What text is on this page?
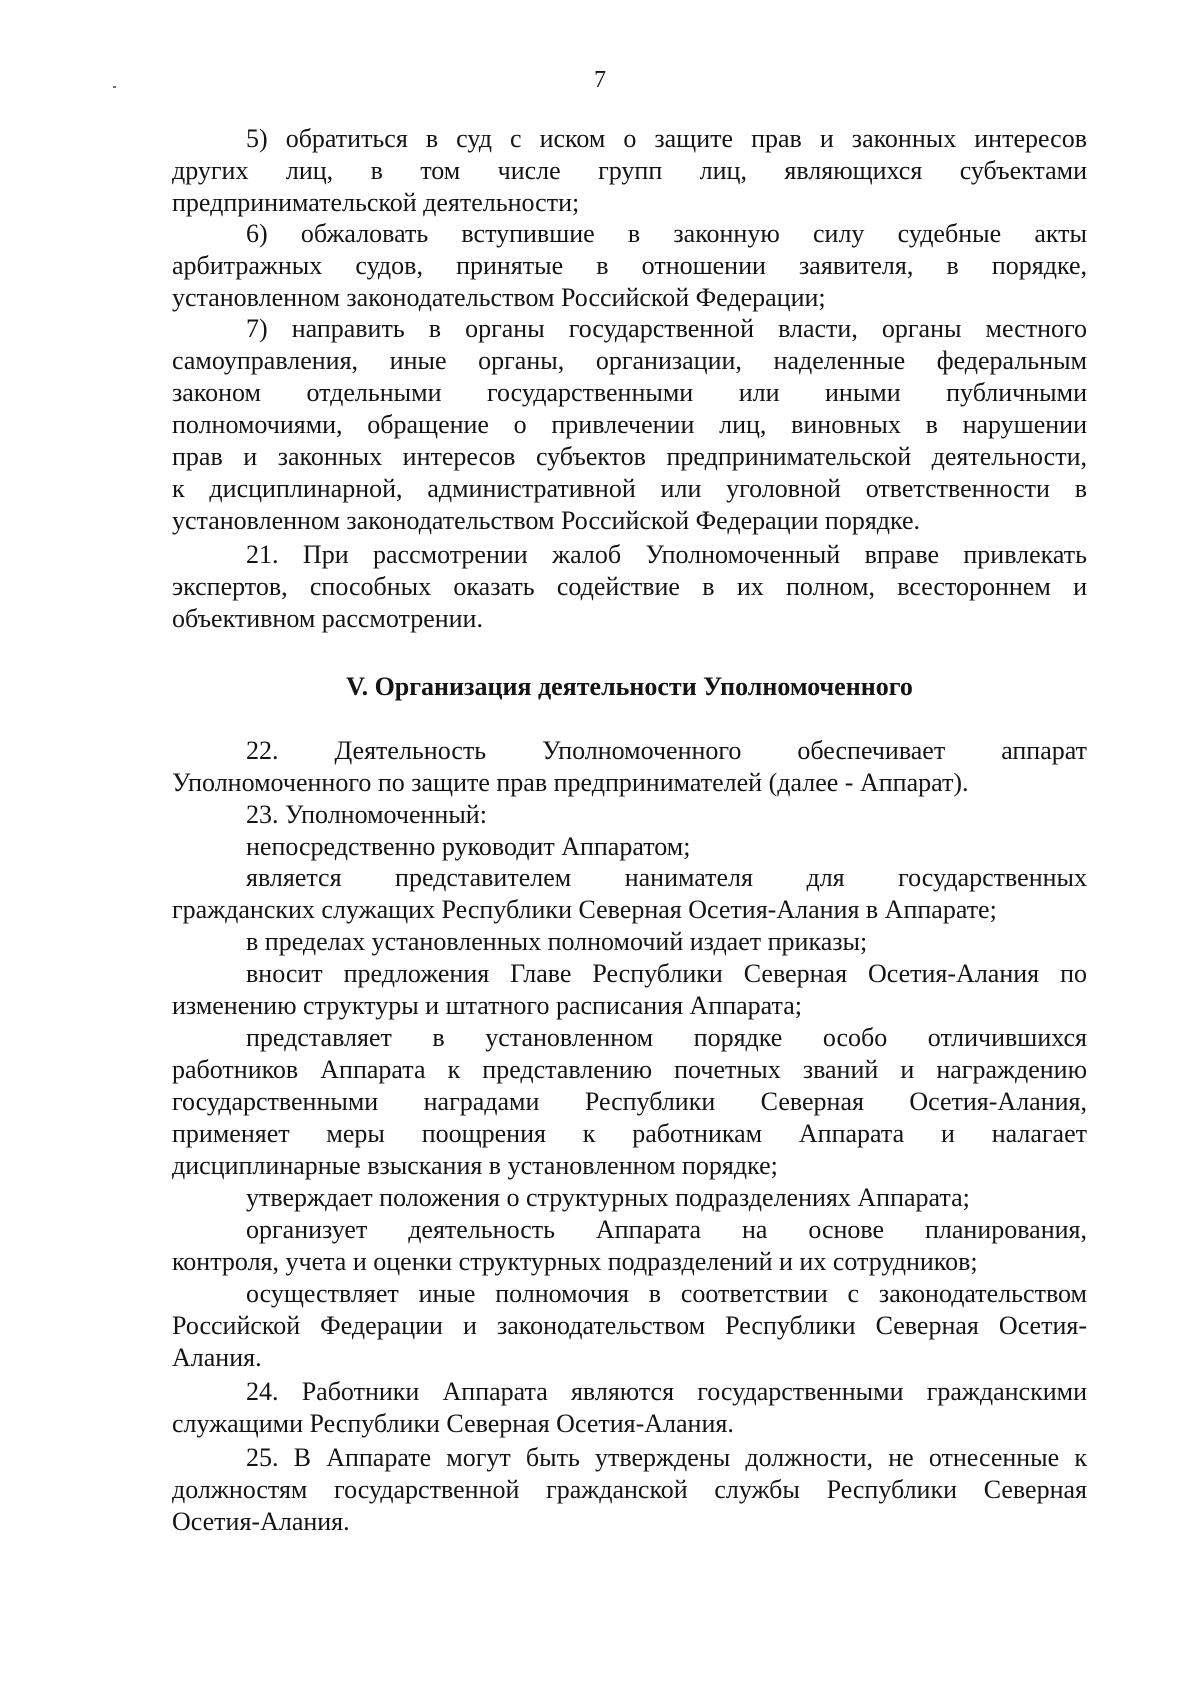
7
5) обратиться в суд с иском о защите прав и законных интересов
других лиц, в том числе групп лиц, являющихся субъектами
предпринимательской деятельности;
6) обжаловать вступившие в законную силу судебные акты
арбитражных судов, принятые в отношении заявителя, в порядке,
установленном законодательством Российской Федерации;
7) направить в органы государственной власти, органы местного
самоуправления, иные органы, организации, наделенные федеральным
законом отдельными государственными или иными публичными
полномочиями, обращение о привлечении лиц, виновных в нарушении
прав и законных интересов субъектов предпринимательской деятельности,
к дисциплинарной, административной или уголовной ответственности в
установленном законодательством Российской Федерации порядке.
21. При рассмотрении жалоб Уполномоченный вправе привлекать
экспертов, способных оказать содействие в их полном, всестороннем и
объективном рассмотрении.
V. Организация деятельности Уполномоченного
22. Деятельность Уполномоченного обеспечивает аппарат
Уполномоченного по защите прав предпринимателей (далее - Аппарат).
23. Уполномоченный:
непосредственно руководит Аппаратом;
является представителем нанимателя для государственных
гражданских служащих Республики Северная Осетия-Алания в Аппарате;
в пределах установленных полномочий издает приказы;
вносит предложения Главе Республики Северная Осетия-Алания по
изменению структуры и штатного расписания Аппарата;
представляет в установленном порядке особо отличившихся
работников Аппарата к представлению почетных званий и награждению
государственными наградами Республики Северная Осетия-Алания,
применяет меры поощрения к работникам Аппарата и налагает
дисциплинарные взыскания в установленном порядке;
утверждает положения о структурных подразделениях Аппарата;
организует деятельность Аппарата на основе планирования,
контроля, учета и оценки структурных подразделений и их сотрудников;
осуществляет иные полномочия в соответствии с законодательством
Российской Федерации и законодательством Республики Северная Осетия-
Алания.
24. Работники Аппарата являются государственными гражданскими
служащими Республики Северная Осетия-Алания.
25. В Аппарате могут быть утверждены должности, не отнесенные к
должностям государственной гражданской службы Республики Северная
Осетия-Алания.
